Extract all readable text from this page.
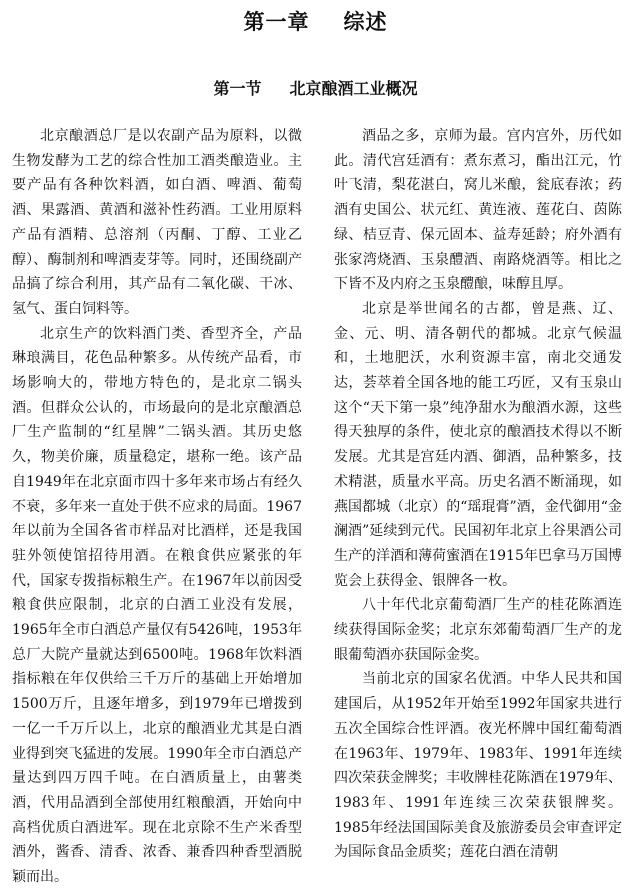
第一章 综述
第一节 北京酿酒工业概况

北京酿酒总厂是以农副产品为原料，以微生物发酵为工艺的综合性加工酒类酿造业。主要产品有各种饮料酒，如白酒、啤酒、葡萄酒、果露酒、黄酒和滋补性药酒。工业用原料产品有酒精、总溶剂（丙酮、丁醇、工业乙醇）、酶制剂和啤酒麦芽等。同时，还围绕副产品搞了综合利用，其产品有二氧化碳、干冰、氢气、蛋白饲料等。

北京生产的饮料酒门类、香型齐全，产品琳琅满目，花色品种繁多。从传统产品看，市场影响大的，带地方特色的，是北京二锅头酒。但群众公认的，市场最向的是北京酿酒总厂生产监制的“红星牌”二锅头酒。其历史悠久，物美价廉，质量稳定，堪称一绝。该产品自1949年在北京面市四十多年来市场占有经久不衰，多年来一直处于供不应求的局面。1967年以前为全国各省市样品对比酒样，还是我国驻外领使馆招待用酒。在粮食供应紧张的年代，国家专拨指标粮生产。在1967年以前因受粮食供应限制，北京的白酒工业没有发展，1965年全市白酒总产量仅有5426吨，1953年总厂大院产量就达到6500吨。1968年饮料酒指标粮在年仅供给三千万斤的基础上开始增加1500万斤，且逐年增多，到1979年已增拨到一亿一千万斤以上，北京的酿酒业尤其是白酒业得到突飞猛进的发展。1990年全市白酒总产量达到四万四千吨。在白酒质量上，由薯类酒，代用品酒到全部使用红粮酿酒，开始向中高档优质白酒进军。现在北京除不生产米香型酒外，酱香、清香、浓香、兼香四种香型酒脱颖而出。

酒品之多，京师为最。宫内宫外，历代如此。清代宫廷酒有：煮东煮习，酯出江元，竹叶飞清，梨花湛白，窝儿米酿，瓮底春浓；药酒有史国公、状元红、黄连液、莲花白、茵陈绿、桔豆青、保元固本、益寿延龄；府外酒有张家湾烧酒、玉泉醴酒、南路烧酒等。相比之下皆不及内府之玉泉醴酿，味醇且厚。

北京是举世闻名的古都，曾是燕、辽、金、元、明、清各朝代的都城。北京气候温和，土地肥沃，水利资源丰富，南北交通发达，荟萃着全国各地的能工巧匠，又有玉泉山这个“天下第一泉”纯净甜水为酿酒水源，这些得天独厚的条件，使北京的酿酒技术得以不断发展。尤其是宫廷内酒、御酒，品种繁多，技术精湛，质量水平高。历史名酒不断涌现，如燕国都城（北京）的“瑶琨膏”酒，金代御用“金澜酒”延续到元代。民国初年北京上谷果酒公司生产的洋酒和薄荷蜜酒在1915年巴拿马万国博览会上获得金、银牌各一枚。

八十年代北京葡萄酒厂生产的桂花陈酒连续获得国际金奖；北京东郊葡萄酒厂生产的龙眼葡萄酒亦获国际金奖。

当前北京的国家名优酒。中华人民共和国建国后，从1952年开始至1992年国家共进行五次全国综合性评酒。夜光杯牌中国红葡萄酒在1963年、1979年、1983年、1991年连续四次荣获金牌奖；丰收牌桂花陈酒在1979年、1983年、1991年连续三次荣获银牌奖。1985年经法国国际美食及旅游委员会审查评定为国际食品金质奖；莲花白酒在清朝
